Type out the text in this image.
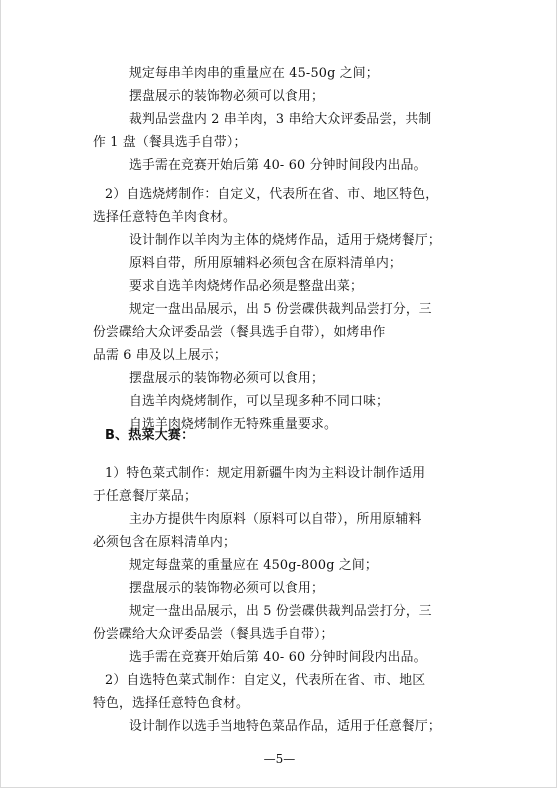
规定每串羊肉串的重量应在 45-50g 之间；
摆盘展示的装饰物必须可以食用；
裁判品尝盘内 2 串羊肉，3 串给大众评委品尝，共制
作 1 盘（餐具选手自带）；
选手需在竞赛开始后第 40- 60 分钟时间段内出品。
2）自选烧烤制作：自定义，代表所在省、市、地区特色，
选择任意特色羊肉食材。
设计制作以羊肉为主体的烧烤作品，适用于烧烤餐厅；
原料自带，所用原辅料必须包含在原料清单内；
要求自选羊肉烧烤作品必须是整盘出菜；
规定一盘出品展示，出 5 份尝碟供裁判品尝打分，三
份尝碟给大众评委品尝（餐具选手自带），如烤串作
品需 6 串及以上展示；
摆盘展示的装饰物必须可以食用；
自选羊肉烧烤制作，可以呈现多种不同口味；
自选羊肉烧烤制作无特殊重量要求。
B、热菜大赛：
1）特色菜式制作：规定用新疆牛肉为主料设计制作适用
于任意餐厅菜品；
主办方提供牛肉原料（原料可以自带），所用原辅料
必须包含在原料清单内；
规定每盘菜的重量应在 450g-800g 之间；
摆盘展示的装饰物必须可以食用；
规定一盘出品展示，出 5 份尝碟供裁判品尝打分，三
份尝碟给大众评委品尝（餐具选手自带）；
选手需在竞赛开始后第 40- 60 分钟时间段内出品。
—5—
2）自选特色菜式制作：自定义，代表所在省、市、地区
特色，选择任意特色食材。
设计制作以选手当地特色菜品作品，适用于任意餐厅；
